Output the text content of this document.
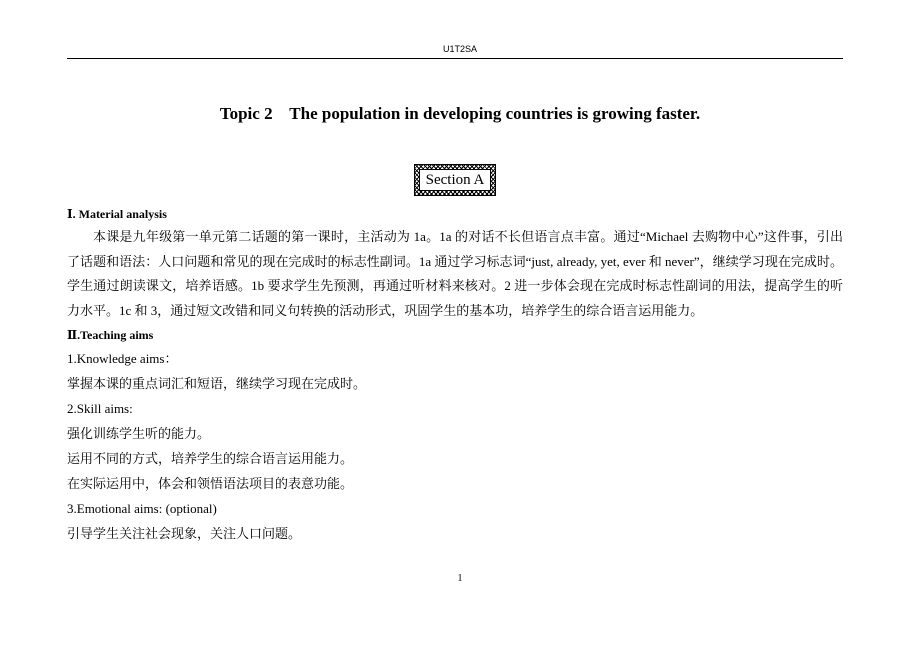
U1T2SA
Topic 2 The population in developing countries is growing faster.
Section A

Ⅰ. Material analysis

本课是九年级第一单元第二话题的第一课时，主活动为 1a。1a 的对话不长但语言点丰富。通过“Michael 去购物中心”这件事，引出了话题和语法：人口问题和常见的现在完成时的标志性副词。1a 通过学习标志词“just, already, yet, ever 和 never”，继续学习现在完成时。学生通过朗读课文，培养语感。1b 要求学生先预测，再通过听材料来核对。2 进一步体会现在完成时标志性副词的用法，提高学生的听力水平。1c 和 3，通过短文改错和同义句转换的活动形式，巩固学生的基本功，培养学生的综合语言运用能力。

Ⅱ.Teaching aims

1.Knowledge aims：

掌握本课的重点词汇和短语，继续学习现在完成时。

2.Skill aims:

强化训练学生听的能力。

运用不同的方式，培养学生的综合语言运用能力。

在实际运用中，体会和领悟语法项目的表意功能。

3.Emotional aims: (optional)

引导学生关注社会现象，关注人口问题。

1
